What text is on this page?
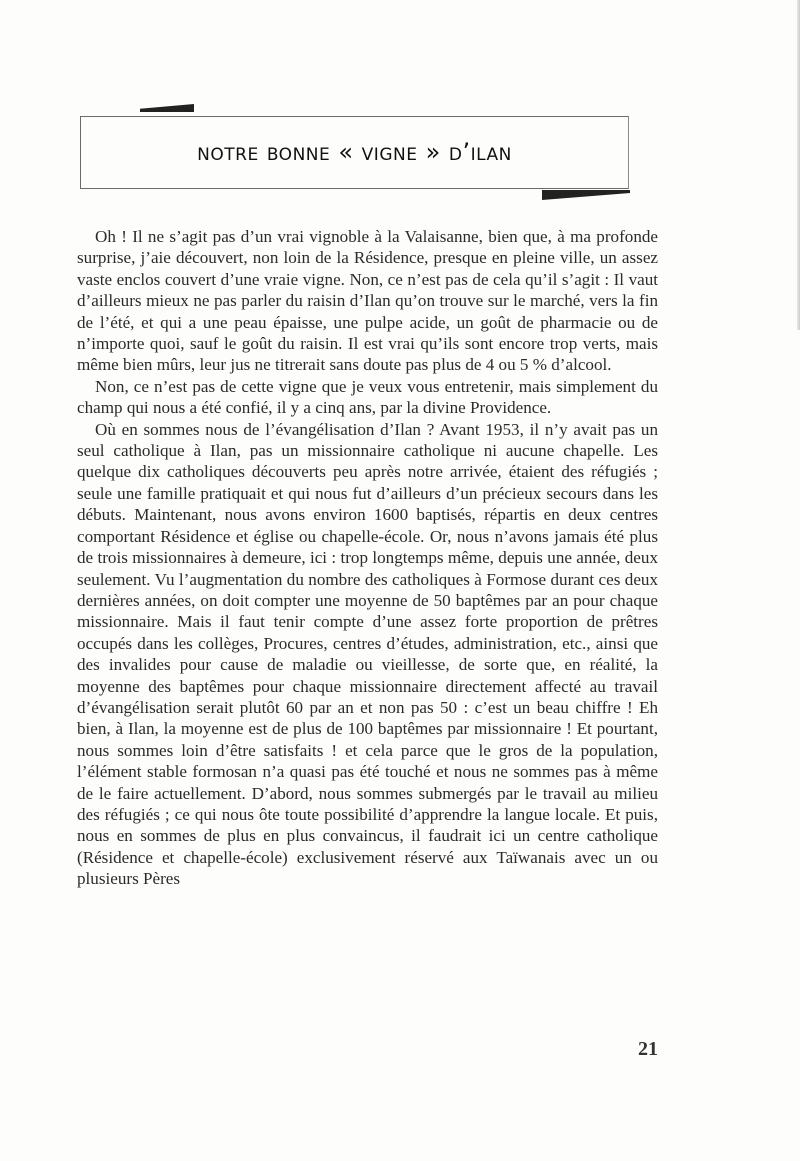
notre bonne « vigne » d’ilan

Oh ! Il ne s’agit pas d’un vrai vignoble à la Valaisanne, bien que, à ma profonde surprise, j’aie découvert, non loin de la Résidence, presque en pleine ville, un assez vaste enclos couvert d’une vraie vigne. Non, ce n’est pas de cela qu’il s’agit : Il vaut d’ailleurs mieux ne pas parler du raisin d’Ilan qu’on trouve sur le marché, vers la fin de l’été, et qui a une peau épaisse, une pulpe acide, un goût de pharmacie ou de n’importe quoi, sauf le goût du raisin. Il est vrai qu’ils sont encore trop verts, mais même bien mûrs, leur jus ne titrerait sans doute pas plus de 4 ou 5 % d’alcool.

Non, ce n’est pas de cette vigne que je veux vous entretenir, mais simplement du champ qui nous a été confié, il y a cinq ans, par la divine Providence.

Où en sommes nous de l’évangélisation d’Ilan ? Avant 1953, il n’y avait pas un seul catholique à Ilan, pas un missionnaire catholique ni aucune chapelle. Les quelque dix catholiques découverts peu après notre arrivée, étaient des réfugiés ; seule une famille pratiquait et qui nous fut d’ailleurs d’un précieux secours dans les débuts. Maintenant, nous avons environ 1600 baptisés, répartis en deux centres comportant Résidence et église ou chapelle-école. Or, nous n’avons jamais été plus de trois missionnaires à demeure, ici : trop longtemps même, depuis une année, deux seulement. Vu l’augmentation du nombre des catholiques à Formose durant ces deux dernières années, on doit compter une moyenne de 50 baptêmes par an pour chaque missionnaire. Mais il faut tenir compte d’une assez forte proportion de prêtres occupés dans les collèges, Procures, centres d’études, administration, etc., ainsi que des invalides pour cause de maladie ou vieillesse, de sorte que, en réalité, la moyenne des baptêmes pour chaque missionnaire directement affecté au travail d’évangélisation serait plutôt 60 par an et non pas 50 : c’est un beau chiffre ! Eh bien, à Ilan, la moyenne est de plus de 100 baptêmes par missionnaire ! Et pourtant, nous sommes loin d’être satisfaits ! et cela parce que le gros de la population, l’élément stable formosan n’a quasi pas été touché et nous ne sommes pas à même de le faire actuellement. D’abord, nous sommes submergés par le travail au milieu des réfugiés ; ce qui nous ôte toute possibilité d’apprendre la langue locale. Et puis, nous en sommes de plus en plus convaincus, il faudrait ici un centre catholique (Résidence et chapelle-école) exclusivement réservé aux Taïwanais avec un ou plusieurs Pères

21
